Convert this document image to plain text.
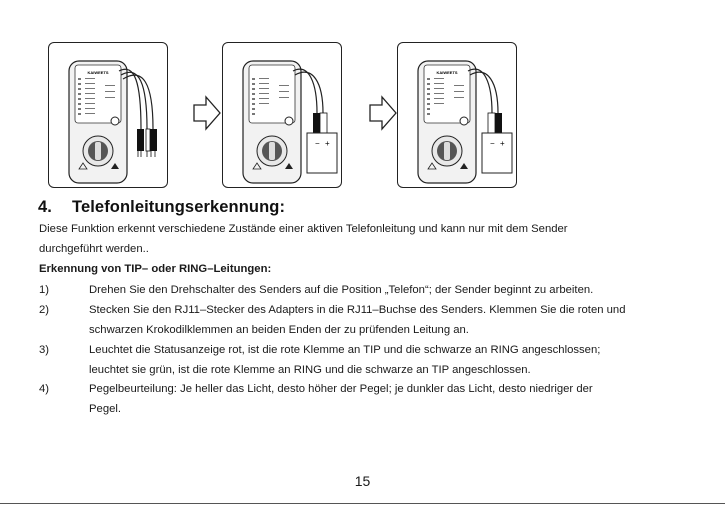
KAIWEETS
− +
KAIWEETS
− +
4. Telefonleitungserkennung:
Diese Funktion erkennt verschiedene Zustände einer aktiven Telefonleitung und kann nur mit dem Sender
durchgeführt werden..
Erkennung von TIP– oder RING–Leitungen:
1)	Drehen Sie den Drehschalter des Senders auf die Position „Telefon“; der Sender beginnt zu arbeiten.
2)	Stecken Sie den RJ11–Stecker des Adapters in die RJ11–Buchse des Senders. Klemmen Sie die roten und
schwarzen Krokodilklemmen an beiden Enden der zu prüfenden Leitung an.
3)	Leuchtet die Statusanzeige rot, ist die rote Klemme an TIP und die schwarze an RING angeschlossen;
leuchtet sie grün, ist die rote Klemme an RING und die schwarze an TIP angeschlossen.
4)	Pegelbeurteilung: Je heller das Licht, desto höher der Pegel; je dunkler das Licht, desto niedriger der
Pegel.
15
